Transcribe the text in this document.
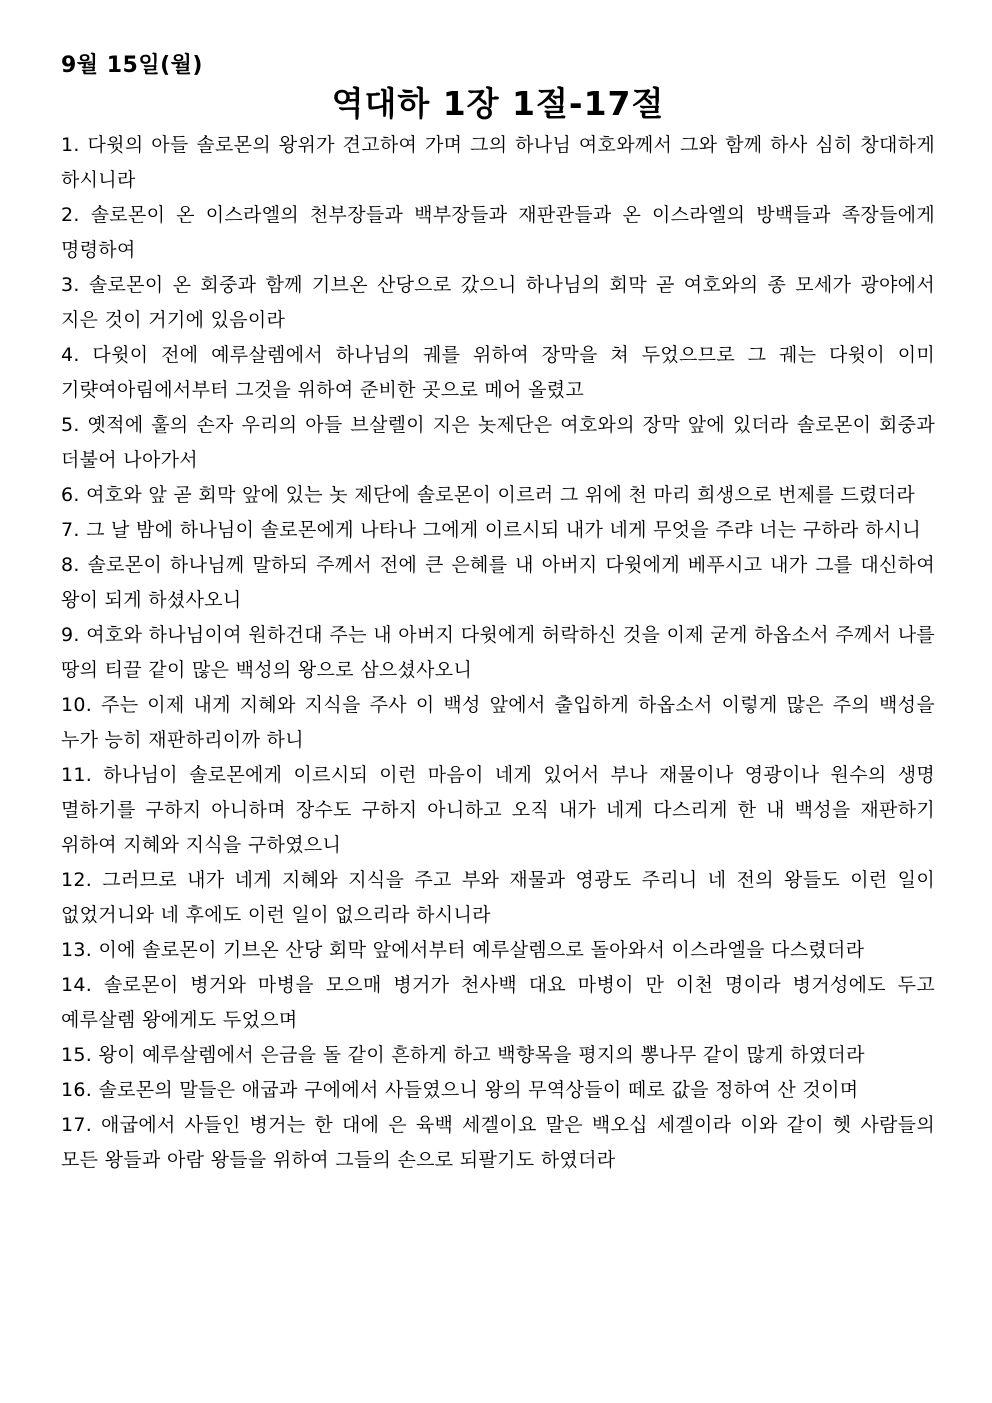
9월 15일(월)
역대하 1장 1절-17절

1. 다윗의 아들 솔로몬의 왕위가 견고하여 가며 그의 하나님 여호와께서 그와 함께 하사 심히 창대하게 하시니라

2. 솔로몬이 온 이스라엘의 천부장들과 백부장들과 재판관들과 온 이스라엘의 방백들과 족장들에게 명령하여

3. 솔로몬이 온 회중과 함께 기브온 산당으로 갔으니 하나님의 회막 곧 여호와의 종 모세가 광야에서 지은 것이 거기에 있음이라

4. 다윗이 전에 예루살렘에서 하나님의 궤를 위하여 장막을 쳐 두었으므로 그 궤는 다윗이 이미 기럇여아림에서부터 그것을 위하여 준비한 곳으로 메어 올렸고

5. 옛적에 훌의 손자 우리의 아들 브살렐이 지은 놋제단은 여호와의 장막 앞에 있더라 솔로몬이 회중과 더불어 나아가서

6. 여호와 앞 곧 회막 앞에 있는 놋 제단에 솔로몬이 이르러 그 위에 천 마리 희생으로 번제를 드렸더라

7. 그 날 밤에 하나님이 솔로몬에게 나타나 그에게 이르시되 내가 네게 무엇을 주랴 너는 구하라 하시니

8. 솔로몬이 하나님께 말하되 주께서 전에 큰 은혜를 내 아버지 다윗에게 베푸시고 내가 그를 대신하여 왕이 되게 하셨사오니

9. 여호와 하나님이여 원하건대 주는 내 아버지 다윗에게 허락하신 것을 이제 굳게 하옵소서 주께서 나를 땅의 티끌 같이 많은 백성의 왕으로 삼으셨사오니

10. 주는 이제 내게 지혜와 지식을 주사 이 백성 앞에서 출입하게 하옵소서 이렇게 많은 주의 백성을 누가 능히 재판하리이까 하니

11. 하나님이 솔로몬에게 이르시되 이런 마음이 네게 있어서 부나 재물이나 영광이나 원수의 생명 멸하기를 구하지 아니하며 장수도 구하지 아니하고 오직 내가 네게 다스리게 한 내 백성을 재판하기 위하여 지혜와 지식을 구하였으니

12. 그러므로 내가 네게 지혜와 지식을 주고 부와 재물과 영광도 주리니 네 전의 왕들도 이런 일이 없었거니와 네 후에도 이런 일이 없으리라 하시니라

13. 이에 솔로몬이 기브온 산당 회막 앞에서부터 예루살렘으로 돌아와서 이스라엘을 다스렸더라

14. 솔로몬이 병거와 마병을 모으매 병거가 천사백 대요 마병이 만 이천 명이라 병거성에도 두고 예루살렘 왕에게도 두었으며

15. 왕이 예루살렘에서 은금을 돌 같이 흔하게 하고 백향목을 평지의 뽕나무 같이 많게 하였더라

16. 솔로몬의 말들은 애굽과 구에에서 사들였으니 왕의 무역상들이 떼로 값을 정하여 산 것이며

17. 애굽에서 사들인 병거는 한 대에 은 육백 세겔이요 말은 백오십 세겔이라 이와 같이 헷 사람들의 모든 왕들과 아람 왕들을 위하여 그들의 손으로 되팔기도 하였더라
